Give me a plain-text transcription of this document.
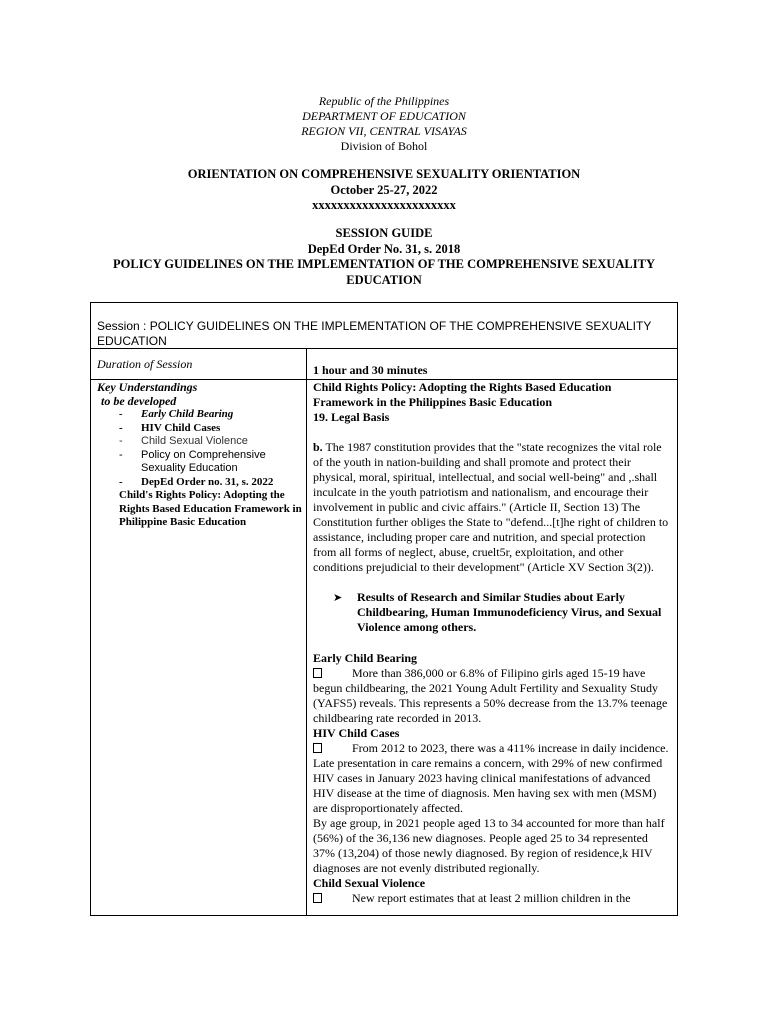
Republic of the Philippines
DEPARTMENT OF EDUCATION
REGION VII, CENTRAL VISAYAS
Division of Bohol
ORIENTATION ON COMPREHENSIVE SEXUALITY ORIENTATION
October 25-27, 2022
xxxxxxxxxxxxxxxxxxxxxxx
SESSION GUIDE
DepEd Order No. 31, s. 2018
POLICY GUIDELINES ON THE IMPLEMENTATION OF THE COMPREHENSIVE SEXUALITY
EDUCATION
Session : POLICY GUIDELINES ON THE IMPLEMENTATION OF THE COMPREHENSIVE SEXUALITY EDUCATION
Duration of Session	1 hour and 30 minutes
Key Understandings
to be developed
- Early Child Bearing
- HIV Child Cases
- Child Sexual Violence
- Policy on Comprehensive Sexuality Education
- DepEd Order no. 31, s. 2022
Child's Rights Policy: Adopting the Rights Based Education Framework in Philippine Basic Education

Child Rights Policy: Adopting the Rights Based Education Framework in the Philippines Basic Education

19. Legal Basis

b. The 1987 constitution provides that the "state recognizes the vital role of the youth in nation-building and shall promote and protect their physical, moral, spiritual, intellectual, and social well-being" and ,.shall inculcate in the youth patriotism and nationalism, and encourage their involvement in public and civic affairs." (Article II, Section 13) The Constitution further obliges the State to "defend...[t]he right of children to assistance, including proper care and nutrition, and special protection from all forms of neglect, abuse, cruelt5r, exploitation, and other conditions prejudicial to their development" (Article XV Section 3(2)).

➤ Results of Research and Similar Studies about Early Childbearing, Human Immunodeficiency Virus, and Sexual Violence among others.

Early Child Bearing

More than 386,000 or 6.8% of Filipino girls aged 15-19 have begun childbearing, the 2021 Young Adult Fertility and Sexuality Study (YAFS5) reveals. This represents a 50% decrease from the 13.7% teenage childbearing rate recorded in 2013.

HIV Child Cases

From 2012 to 2023, there was a 411% increase in daily incidence. Late presentation in care remains a concern, with 29% of new confirmed HIV cases in January 2023 having clinical manifestations of advanced HIV disease at the time of diagnosis. Men having sex with men (MSM) are disproportionately affected.

By age group, in 2021 people aged 13 to 34 accounted for more than half (56%) of the 36,136 new diagnoses. People aged 25 to 34 represented 37% (13,204) of those newly diagnosed. By region of residence,k HIV diagnoses are not evenly distributed regionally.

Child Sexual Violence

New report estimates that at least 2 million children in the
